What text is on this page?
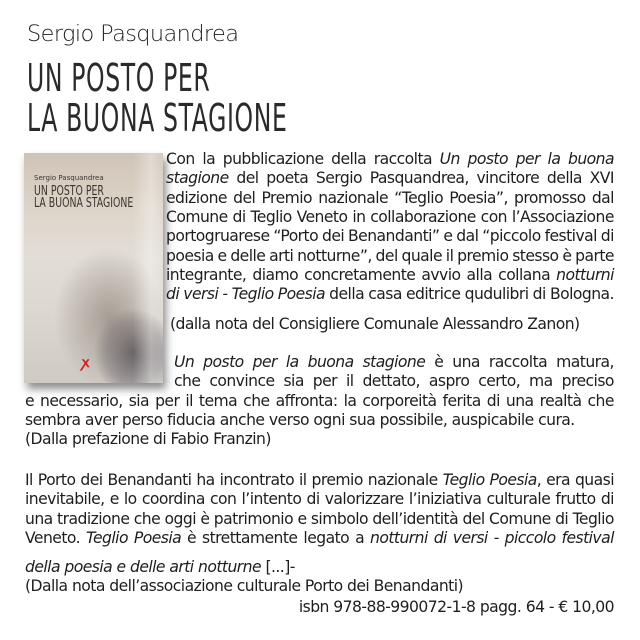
Sergio Pasquandrea
UN POSTO PER
LA BUONA STAGIONE
Sergio Pasquandrea
UN POSTO PER
LA BUONA STAGIONE
ꭗ
(dalla nota del Consigliere Comunale Alessandro Zanon)
sembra aver perso fiducia anche verso ogni sua possibile, auspicabile cura.
(Dalla prefazione di Fabio Franzin)
della poesia e delle arti notturne [...]-
(Dalla nota dell’associazione culturale Porto dei Benandanti)
isbn 978-88-990072-1-8 pagg. 64 - € 10,00
Con la pubblicazione della raccolta Un posto per la buona
stagione del poeta Sergio Pasquandrea, vincitore della XVI
edizione del Premio nazionale “Teglio Poesia”, promosso dal
Comune di Teglio Veneto in collaborazione con l’Associazione
portogruarese “Porto dei Benandanti” e dal “piccolo festival di
poesia e delle arti notturne”, del quale il premio stesso è parte
integrante, diamo concretamente avvio alla collana notturni
di versi - Teglio Poesia della casa editrice qudulibri di Bologna.
Un posto per la buona stagione è una raccolta matura,
che convince sia per il dettato, aspro certo, ma preciso
e necessario, sia per il tema che affronta: la corporeità ferita di una realtà che
Il Porto dei Benandanti ha incontrato il premio nazionale Teglio Poesia, era quasi
inevitabile, e lo coordina con l’intento di valorizzare l’iniziativa culturale frutto di
una tradizione che oggi è patrimonio e simbolo dell’identità del Comune di Teglio
Veneto. Teglio Poesia è strettamente legato a notturni di versi - piccolo festival
